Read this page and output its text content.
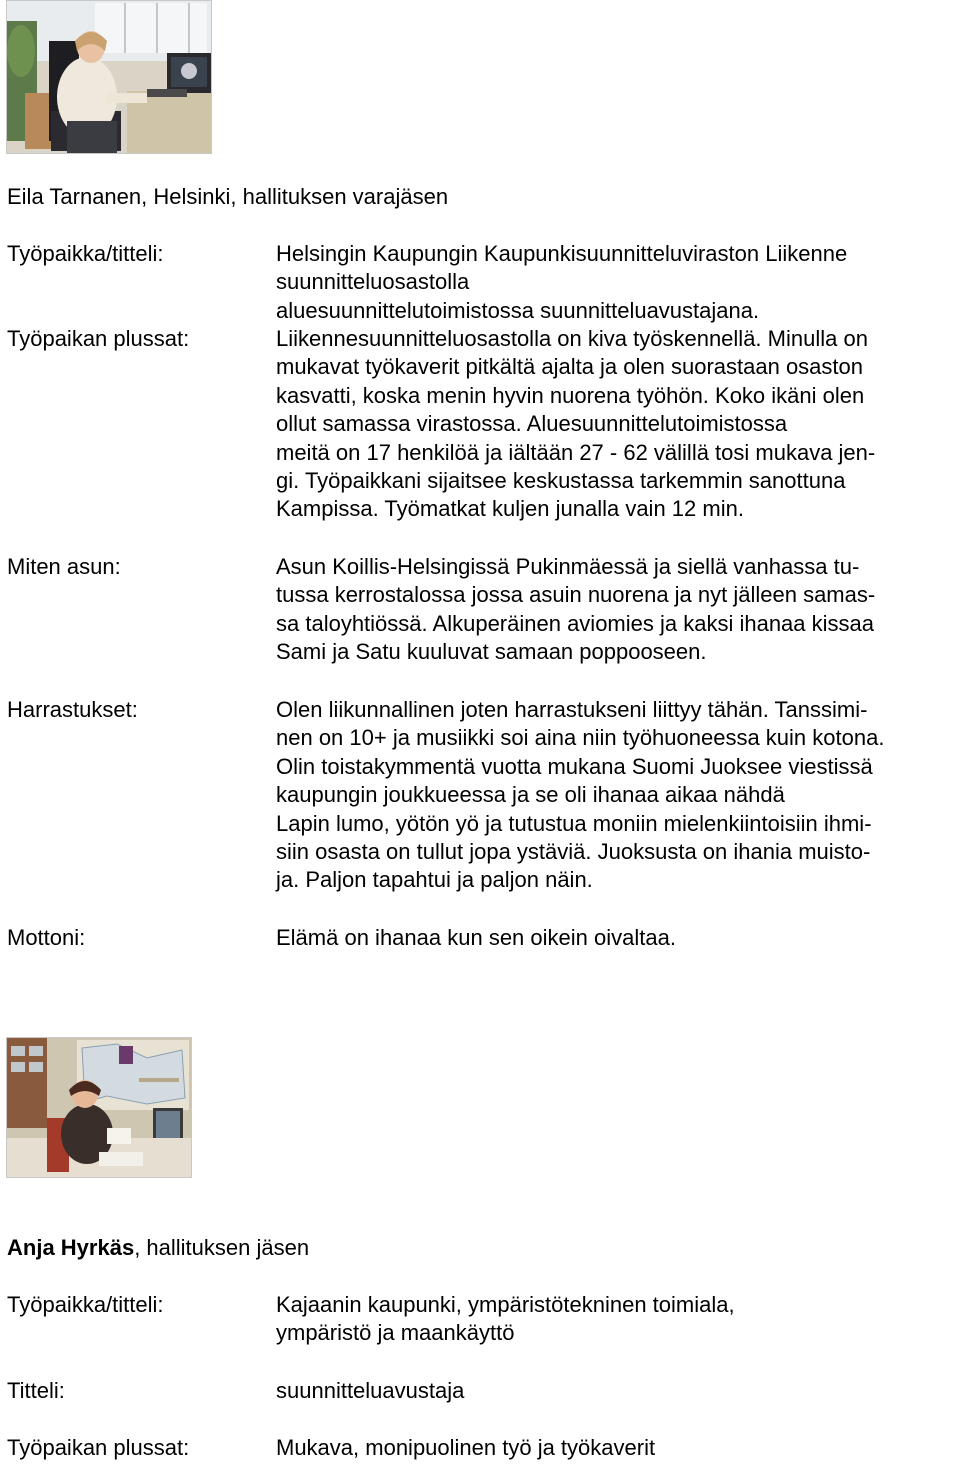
Eila Tarnanen, Helsinki, hallituksen varajäsen
Työpaikka/titteli:	Helsingin Kaupungin Kaupunkisuunnitteluviraston Liikenne
suunnitteluosastolla
aluesuunnittelutoimistossa suunnitteluavustajana.
Työpaikan plussat:	Liikennesuunnitteluosastolla on kiva työskennellä. Minulla on
mukavat työkaverit pitkältä ajalta ja olen suorastaan osaston
kasvatti, koska menin hyvin nuorena työhön. Koko ikäni olen
ollut samassa virastossa. Aluesuunnittelutoimistossa
meitä on 17 henkilöä ja iältään 27 - 62 välillä tosi mukava jen-
gi. Työpaikkani sijaitsee keskustassa tarkemmin sanottuna
Kampissa. Työmatkat kuljen junalla vain 12 min.
Miten asun:	Asun Koillis-Helsingissä Pukinmäessä ja siellä vanhassa tu-
tussa kerrostalossa jossa asuin nuorena ja nyt jälleen samas-
sa taloyhtiössä. Alkuperäinen aviomies ja kaksi ihanaa kissaa
Sami ja Satu kuuluvat samaan poppooseen.
Harrastukset:	Olen liikunnallinen joten harrastukseni liittyy tähän. Tanssimi-
nen on 10+ ja musiikki soi aina niin työhuoneessa kuin kotona.
Olin toistakymmentä vuotta mukana Suomi Juoksee viestissä
kaupungin joukkueessa ja se oli ihanaa aikaa nähdä
Lapin lumo, yötön yö ja tutustua moniin mielenkiintoisiin ihmi-
siin osasta on tullut jopa ystäviä. Juoksusta on ihania muisto-
ja. Paljon tapahtui ja paljon näin.
Mottoni:	Elämä on ihanaa kun sen oikein oivaltaa.
Anja Hyrkäs, hallituksen jäsen
Työpaikka/titteli:	Kajaanin kaupunki, ympäristötekninen toimiala,
ympäristö ja maankäyttö
Titteli:	suunnitteluavustaja
Työpaikan plussat:	Mukava, monipuolinen työ ja työkaverit
